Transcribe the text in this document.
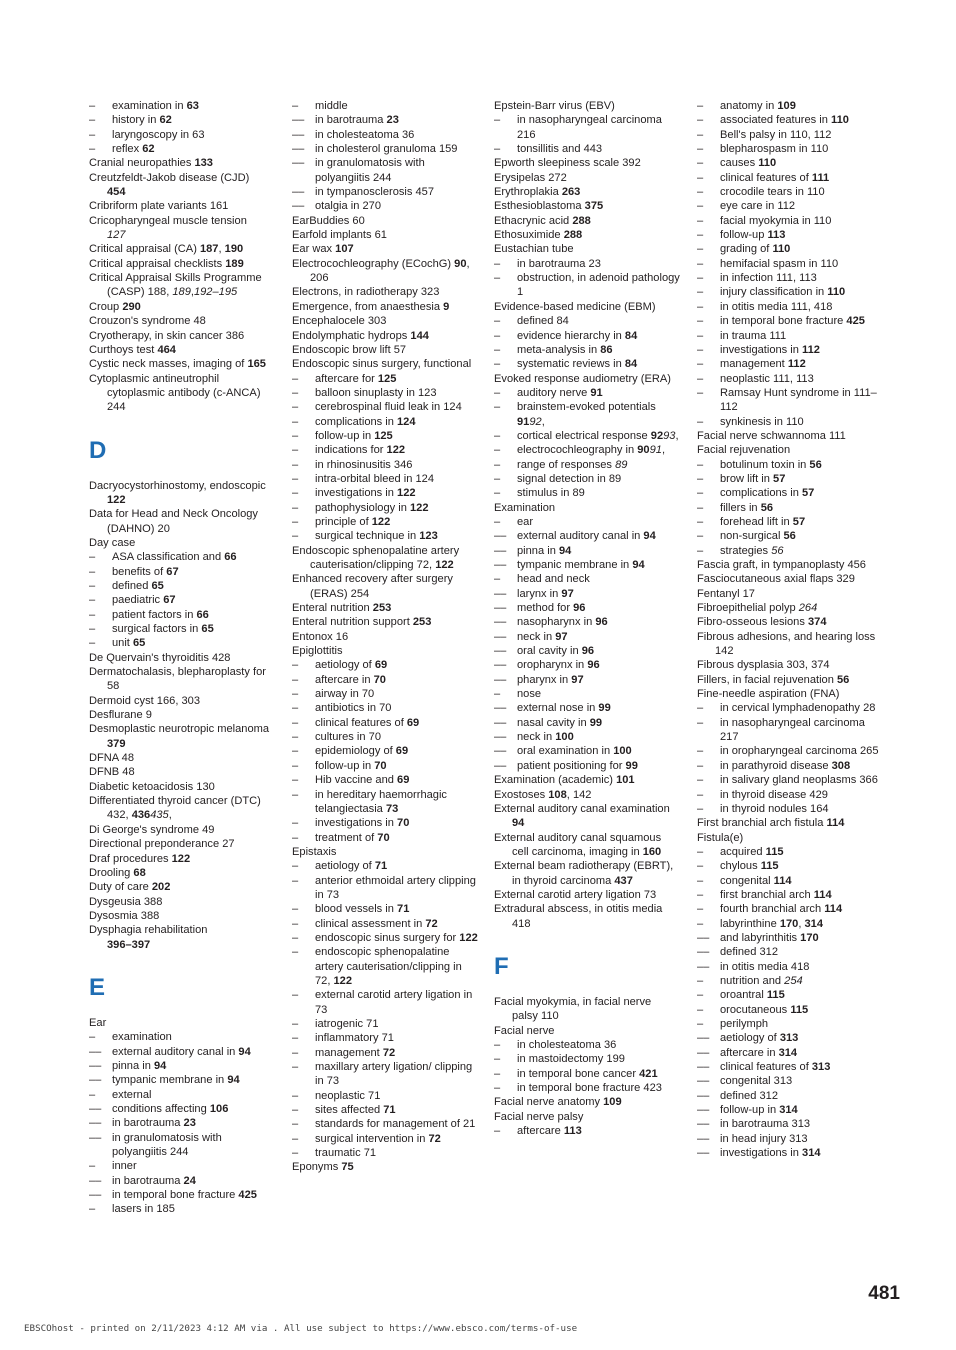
–	examination in 63
–	history in 62
–	laryngoscopy in 63
–	reflex 62
Cranial neuropathies 133
Creutzfeldt-Jakob disease (CJD)
454
Cribriform plate variants 161
Cricopharyngeal muscle tension
127
Critical appraisal (CA) 187, 190
Critical appraisal checklists 189
Critical Appraisal Skills Programme (CASP) 188, 189,192–195
Croup 290
Crouzon's syndrome 48
Cryotherapy, in skin cancer 386
Curthoys test 464
Cystic neck masses, imaging of 165
Cytoplasmic antineutrophil cytoplasmic antibody (c-ANCA) 244
D
Dacryocystorhinostomy, endoscopic 122
Data for Head and Neck Oncology (DAHNO) 20
Day case
–	ASA classification and 66
–	benefits of 67
–	defined 65
–	paediatric 67
–	patient factors in 66
–	surgical factors in 65
–	unit 65
De Quervain's thyroiditis 428
Dermatochalasis, blepharoplasty for 58
Dermoid cyst 166, 303
Desflurane 9
Desmoplastic neurotropic melanoma 379
DFNA 48
DFNB 48
Diabetic ketoacidosis 130
Differentiated thyroid cancer (DTC) 432, 436435,
Di George's syndrome 49
Directional preponderance 27
Draf procedures 122
Drooling 68
Duty of care 202
Dysgeusia 388
Dysosmia 388
Dysphagia rehabilitation
396–397
E
Ear
–	examination
–– external auditory canal in 94
–– pinna in 94
–– tympanic membrane in 94
–	external
–– conditions affecting 106
–– in barotrauma 23
–– in granulomatosis with polyangiitis 244
–	inner
–– in barotrauma 24
–– in temporal bone fracture 425
–	lasers in 185
–	middle
–– in barotrauma 23
–– in cholesteatoma 36
–– in cholesterol granuloma 159
–– in granulomatosis with polyangiitis 244
–– in tympanosclerosis 457
–– otalgia in 270
EarBuddies 60
Earfold implants 61
Ear wax 107
Electrocochleography (ECochG) 90, 206
Electrons, in radiotherapy 323
Emergence, from anaesthesia 9
Encephalocele 303
Endolymphatic hydrops 144
Endoscopic brow lift 57
Endoscopic sinus surgery, functional
–	aftercare for 125
–	balloon sinuplasty in 123
–	cerebrospinal fluid leak in 124
–	complications in 124
–	follow-up in 125
–	indications for 122
–	in rhinosinusitis 346
–	intra-orbital bleed in 124
–	investigations in 122
–	pathophysiology in 122
–	principle of 122
–	surgical technique in 123
Endoscopic sphenopalatine artery cauterisation/clipping 72, 122
Enhanced recovery after surgery (ERAS) 254
Enteral nutrition 253
Enteral nutrition support 253
Entonox 16
Epiglottitis
–	aetiology of 69
–	aftercare in 70
–	airway in 70
–	antibiotics in 70
–	clinical features of 69
–	cultures in 70
–	epidemiology of 69
–	follow-up in 70
–	Hib vaccine and 69
–	in hereditary haemorrhagic telangiectasia 73
–	investigations in 70
–	treatment of 70
Epistaxis
–	aetiology of 71
–	anterior ethmoidal artery clipping in 73
–	blood vessels in 71
–	clinical assessment in 72
–	endoscopic sinus surgery for 122
–	endoscopic sphenopalatine artery cauterisation/clipping in 72, 122
–	external carotid artery ligation in 73
–	iatrogenic 71
–	inflammatory 71
–	management 72
–	maxillary artery ligation/ clipping in 73
–	neoplastic 71
–	sites affected 71
–	standards for management of 21
–	surgical intervention in 72
–	traumatic 71
Eponyms 75
Epstein-Barr virus (EBV)
–	in nasopharyngeal carcinoma 216
–	tonsillitis and 443
Epworth sleepiness scale 392
Erysipelas 272
Erythroplakia 263
Esthesioblastoma 375
Ethacrynic acid 288
Ethosuximide 288
Eustachian tube
–	in barotrauma 23
–	obstruction, in adenoid pathology 1
Evidence-based medicine (EBM)
–	defined 84
–	evidence hierarchy in 84
–	meta-analysis in 86
–	systematic reviews in 84
Evoked response audiometry (ERA)
–	auditory nerve 91
–	brainstem-evoked potentials 9192,
–	cortical electrical response 9293,
–	electrocochleography in 9091,
–	range of responses 89
–	signal detection in 89
–	stimulus in 89
Examination
–	ear
–– external auditory canal in 94
–– pinna in 94
–– tympanic membrane in 94
–	head and neck
–– larynx in 97
–– method for 96
–– nasopharynx in 96
–– neck in 97
–– oral cavity in 96
–– oropharynx in 96
–– pharynx in 97
–	nose
–– external nose in 99
–– nasal cavity in 99
–– neck in 100
–– oral examination in 100
–– patient positioning for 99
Examination (academic) 101
Exostoses 108, 142
External auditory canal examination 94
External auditory canal squamous cell carcinoma, imaging in 160
External beam radiotherapy (EBRT), in thyroid carcinoma 437
External carotid artery ligation 73
Extradural abscess, in otitis media 418
F
Facial myokymia, in facial nerve palsy 110
Facial nerve
–	in cholesteatoma 36
–	in mastoidectomy 199
–	in temporal bone cancer 421
–	in temporal bone fracture 423
Facial nerve anatomy 109
Facial nerve palsy
–	aftercare 113
–	anatomy in 109
–	associated features in 110
–	Bell's palsy in 110, 112
–	blepharospasm in 110
–	causes 110
–	clinical features of 111
–	crocodile tears in 110
–	eye care in 112
–	facial myokymia in 110
–	follow-up 113
–	grading of 110
–	hemifacial spasm in 110
–	in infection 111, 113
–	injury classification in 110
–	in otitis media 111, 418
–	in temporal bone fracture 425
–	in trauma 111
–	investigations in 112
–	management 112
–	neoplastic 111, 113
–	Ramsay Hunt syndrome in 111–112
–	synkinesis in 110
Facial nerve schwannoma 111
Facial rejuvenation
–	botulinum toxin in 56
–	brow lift in 57
–	complications in 57
–	fillers in 56
–	forehead lift in 57
–	non-surgical 56
–	strategies 56
Fascia graft, in tympanoplasty 456
Fasciocutaneous axial flaps 329
Fentanyl 17
Fibroepithelial polyp 264
Fibro-osseous lesions 374
Fibrous adhesions, and hearing loss 142
Fibrous dysplasia 303, 374
Fillers, in facial rejuvenation 56
Fine-needle aspiration (FNA)
–	in cervical lymphadenopathy 28
–	in nasopharyngeal carcinoma 217
–	in oropharyngeal carcinoma 265
–	in parathyroid disease 308
–	in salivary gland neoplasms 366
–	in thyroid disease 429
–	in thyroid nodules 164
First branchial arch fistula 114
Fistula(e)
–	acquired 115
–	chylous 115
–	congenital 114
–	first branchial arch 114
–	fourth branchial arch 114
–	labyrinthine 170, 314
–– and labyrinthitis 170
–– defined 312
–– in otitis media 418
–	nutrition and 254
–	oroantral 115
–	orocutaneous 115
–	perilymph
–– aetiology of 313
–– aftercare in 314
–– clinical features of 313
–– congenital 313
–– defined 312
–– follow-up in 314
–– in barotrauma 313
–– in head injury 313
–– investigations in 314
481
EBSCOhost - printed on 2/11/2023 4:12 AM via . All use subject to https://www.ebsco.com/terms-of-use
